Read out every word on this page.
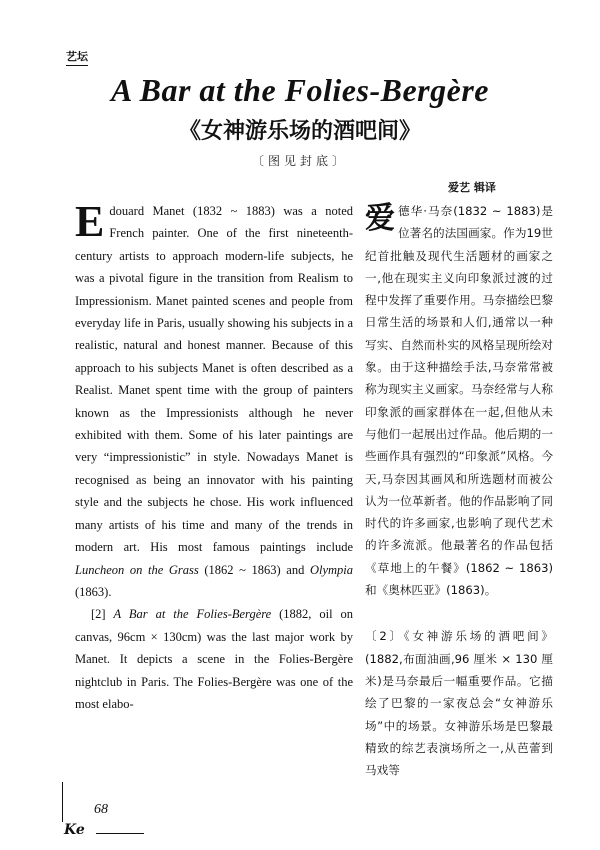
艺坛
A Bar at the Folies-Bergère
《女神游乐场的酒吧间》
〔图见封底〕
爱艺 辑译

Edouard Manet (1832 ~ 1883) was a noted French painter. One of the first nineteenth-century artists to approach modern-life subjects, he was a pivotal figure in the transition from Realism to Impressionism. Manet painted scenes and people from everyday life in Paris, usually showing his subjects in a realistic, natural and honest manner. Because of this approach to his subjects Manet is often described as a Realist. Manet spent time with the group of painters known as the Impressionists although he never exhibited with them. Some of his later paintings are very “impressionistic” in style. Nowadays Manet is recognised as being an innovator with his painting style and the subjects he chose. His work influenced many artists of his time and many of the trends in modern art. His most famous paintings include Luncheon on the Grass (1862 ~ 1863) and Olympia (1863).

[2] A Bar at the Folies-Bergère (1882, oil on canvas, 96cm × 130cm) was the last major work by Manet. It depicts a scene in the Folies-Bergère nightclub in Paris. The Folies-Bergère was one of the most elabo-

爱德华·马奈(1832 ~ 1883)是位著名的法国画家。作为19世纪首批触及现代生活题材的画家之一,他在现实主义向印象派过渡的过程中发挥了重要作用。马奈描绘巴黎日常生活的场景和人们,通常以一种写实、自然而朴实的风格呈现所绘对象。由于这种描绘手法,马奈常常被称为现实主义画家。马奈经常与人称印象派的画家群体在一起,但他从未与他们一起展出过作品。他后期的一些画作具有强烈的“印象派”风格。今天,马奈因其画风和所选题材而被公认为一位革新者。他的作品影响了同时代的许多画家,也影响了现代艺术的许多流派。他最著名的作品包括《草地上的午餐》(1862 ~ 1863)和《奥林匹亚》(1863)。

〔2〕《女神游乐场的酒吧间》(1882,布面油画,96 厘米 × 130 厘米)是马奈最后一幅重要作品。它描绘了巴黎的一家夜总会“女神游乐场”中的场景。女神游乐场是巴黎最精致的综艺表演场所之一,从芭蕾到马戏等

68
Ke
